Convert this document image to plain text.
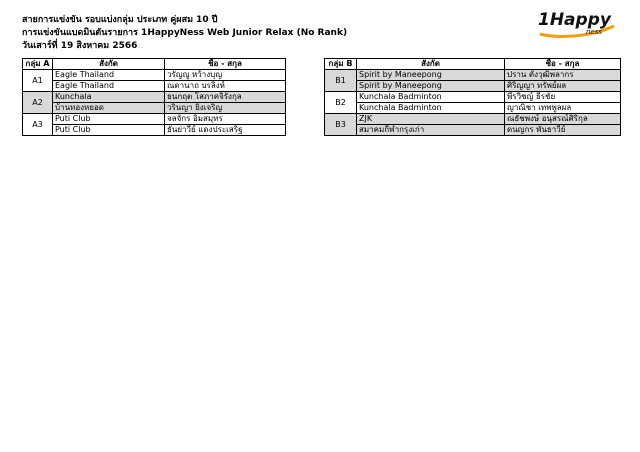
สายการแข่งขัน รอบแบ่งกลุ่ม ประเภท คู่ผสม 10 ปี
การแข่งขันแบดมินตันรายการ 1HappyNess Web Junior Relax (No Rank)
วันเสาร์ที่ 19 สิงหาคม 2566
1Happy
ness
กลุ่ม A	สังกัด	ชื่อ - สกุล
A1	Eagle Thailand	วรัญญู หว้างบุญ
	Eagle Thailand	ณดานาถ บรลิงห์
A2	Kunchala	ธนกฤต โสภาคจิรังกุล
	บ้านทองหยอด	วรินญา ยิ่งเจริญ
A3	Puti Club	จลจักร อิ่มสมุทร
	Puti Club	ธันย่าวีย์ แดงประเสริฐ
กลุ่ม B	สังกัด	ชื่อ - สกุล
B1	Spirit by Maneepong	ปราน ตั้งวุฒิพลากร
	Spirit by Maneepong	ศิริญญา ทรัพย์ผล
B2	Kunchala Badminton	พีรวิชญ์ ธีรชัย
	Kunchala Badminton	ญาณิชา เทพพูลผล
B3	ZJK	ณธัชพงษ์ อนุสรณ์ศิริกุล
	สมาคมกีฬากรุงเก่า	ดนญกร พันธาวีย์
